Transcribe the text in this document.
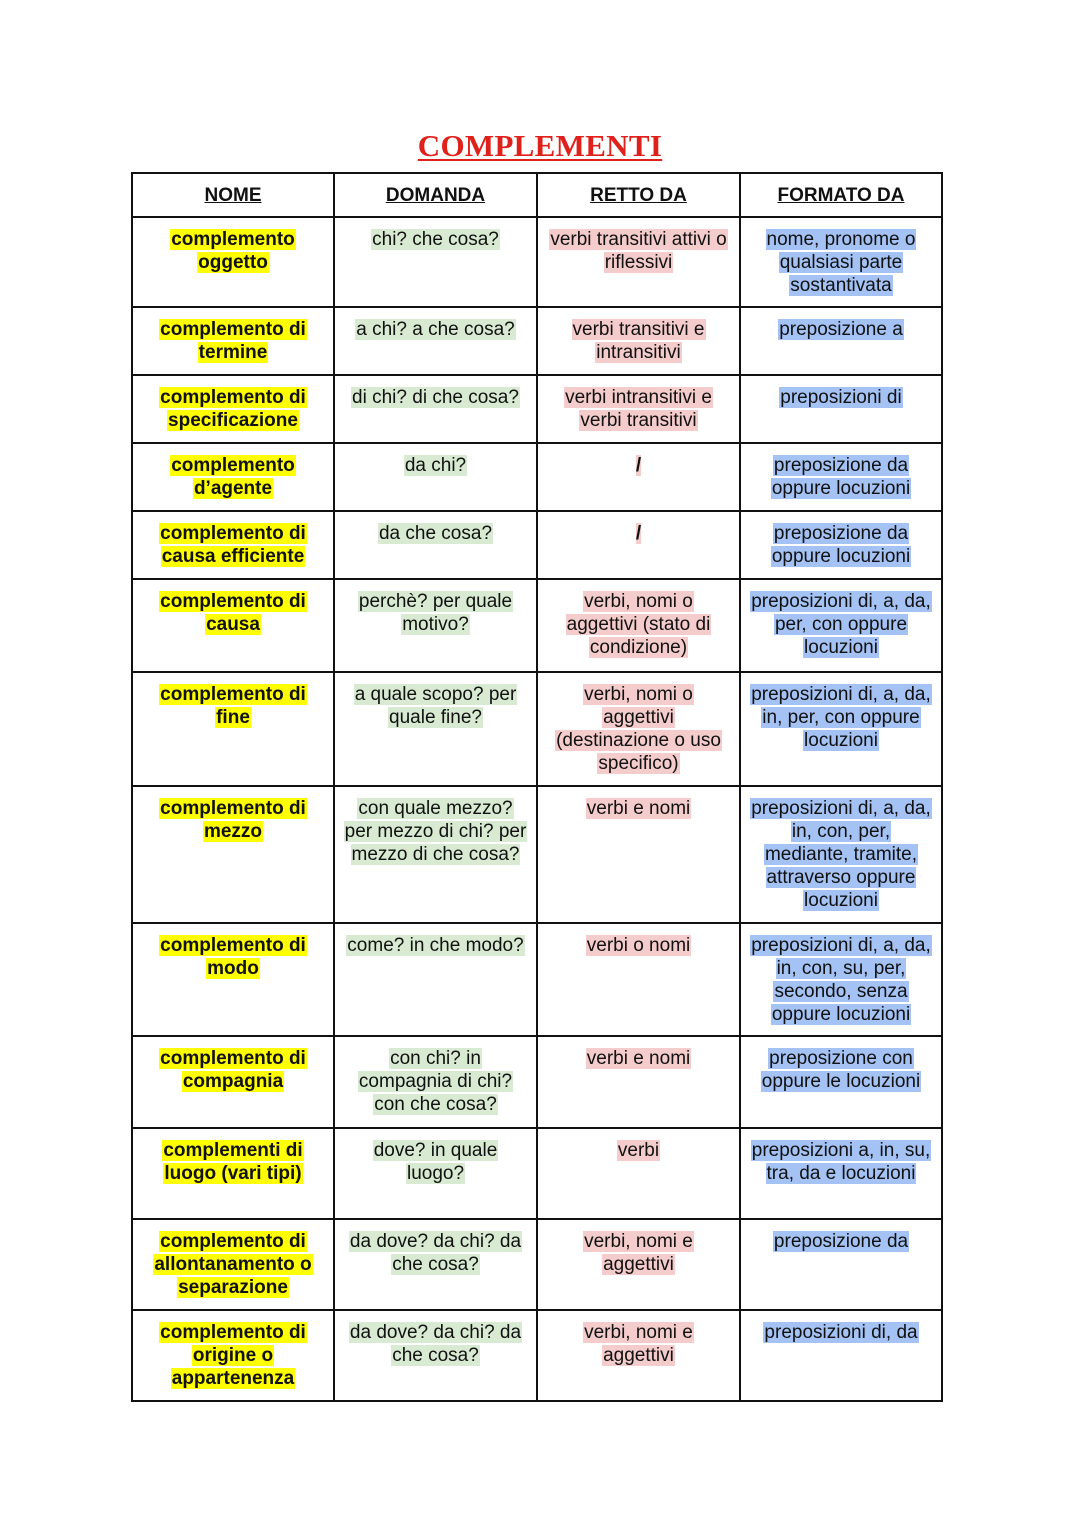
COMPLEMENTI
NOME	DOMANDA	RETTO DA	FORMATO DA
complemento oggetto	chi? che cosa?	verbi transitivi attivi o riflessivi	nome, pronome o qualsiasi parte sostantivata
complemento di termine	a chi? a che cosa?	verbi transitivi e intransitivi	preposizione a
complemento di specificazione	di chi? di che cosa?	verbi intransitivi e verbi transitivi	preposizioni di
complemento d’agente	da chi?	/	preposizione da oppure locuzioni
complemento di causa efficiente	da che cosa?	/	preposizione da oppure locuzioni
complemento di causa	perchè? per quale motivo?	verbi, nomi o aggettivi (stato di condizione)	preposizioni di, a, da, per, con oppure locuzioni
complemento di fine	a quale scopo? per quale fine?	verbi, nomi o aggettivi (destinazione o uso specifico)	preposizioni di, a, da, in, per, con oppure locuzioni
complemento di mezzo	con quale mezzo? per mezzo di chi? per mezzo di che cosa?	verbi e nomi	preposizioni di, a, da, in, con, per, mediante, tramite, attraverso oppure locuzioni
complemento di modo	come? in che modo?	verbi o nomi	preposizioni di, a, da, in, con, su, per, secondo, senza oppure locuzioni
complemento di compagnia	con chi? in compagnia di chi? con che cosa?	verbi e nomi	preposizione con oppure le locuzioni
complementi di luogo (vari tipi)	dove? in quale luogo?	verbi	preposizioni a, in, su, tra, da e locuzioni
complemento di allontanamento o separazione	da dove? da chi? da che cosa?	verbi, nomi e aggettivi	preposizione da
complemento di origine o appartenenza	da dove? da chi? da che cosa?	verbi, nomi e aggettivi	preposizioni di, da
